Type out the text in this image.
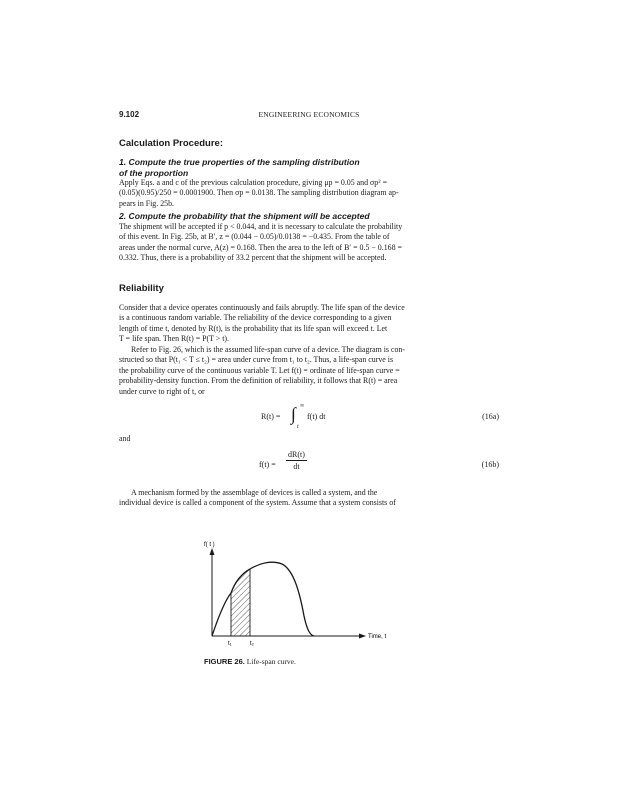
9.102	ENGINEERING ECONOMICS
Calculation Procedure:
1. Compute the true properties of the sampling distribution
of the proportion
Apply Eqs. a and c of the previous calculation procedure, giving μp = 0.05 and σp² =
(0.05)(0.95)/250 = 0.0001900. Then σp = 0.0138. The sampling distribution diagram ap-
pears in Fig. 25b.
2. Compute the probability that the shipment will be accepted
The shipment will be accepted if p < 0.044, and it is necessary to calculate the probability
of this event. In Fig. 25b, at B′, z = (0.044 − 0.05)/0.0138 = −0.435. From the table of
areas under the normal curve, A(z) = 0.168. Then the area to the left of B′ = 0.5 − 0.168 =
0.332. Thus, there is a probability of 33.2 percent that the shipment will be accepted.
Reliability
Consider that a device operates continuously and fails abruptly. The life span of the device
is a continuous random variable. The reliability of the device corresponding to a given
length of time t, denoted by R(t), is the probability that its life span will exceed t. Let
T = life span. Then R(t) = P(T > t).
Refer to Fig. 26, which is the assumed life-span curve of a device. The diagram is con-
structed so that P(t₁ < T ≤ t₂) = area under curve from t₁ to t₂. Thus, a life-span curve is
the probability curve of the continuous variable T. Let f(t) = ordinate of life-span curve =
probability-density function. From the definition of reliability, it follows that R(t) = area
under curve to right of t, or
R(t) = ∫ ∞
t
f(t) dt	(16a)
and
$f(t) = \frac{dR(t)}{dt}$	(16b)
A mechanism formed by the assemblage of devices is called a system, and the
individual device is called a component of the system. Assume that a system consists of
f( t )
t₁	t₂
Time, t
FIGURE 26. Life-span curve.
